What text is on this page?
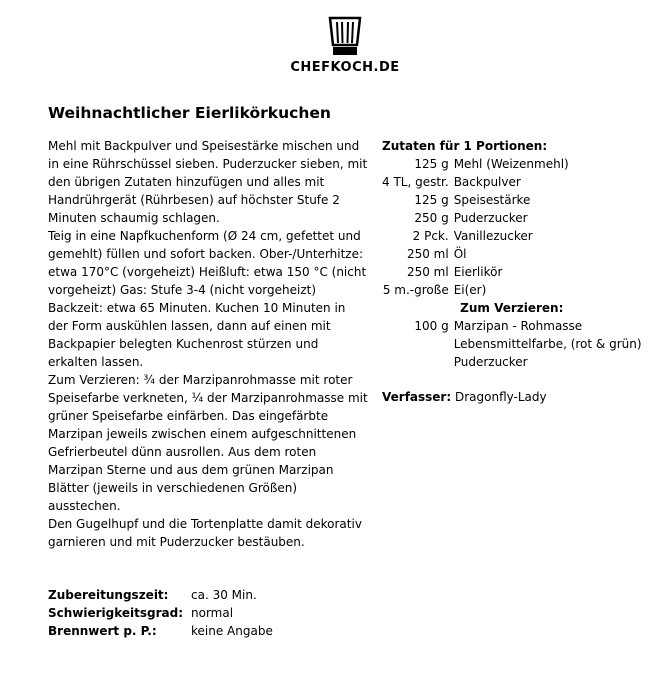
CHEFKOCH.DE
Weihnachtlicher Eierlikörkuchen

Mehl mit Backpulver und Speisestärke mischen und in eine Rührschüssel sieben. Puderzucker sieben, mit den übrigen Zutaten hinzufügen und alles mit Handrührgerät (Rührbesen) auf höchster Stufe 2 Minuten schaumig schlagen.

Teig in eine Napfkuchenform (Ø 24 cm, gefettet und gemehlt) füllen und sofort backen. Ober-/Unterhitze: etwa 170°C (vorgeheizt) Heißluft: etwa 150 °C (nicht vorgeheizt) Gas: Stufe 3-4 (nicht vorgeheizt) Backzeit: etwa 65 Minuten. Kuchen 10 Minuten in der Form auskühlen lassen, dann auf einen mit Backpapier belegten Kuchenrost stürzen und erkalten lassen.

Zum Verzieren: ¾ der Marzipanrohmasse mit roter Speisefarbe verkneten, ¼ der Marzipanrohmasse mit grüner Speisefarbe einfärben. Das eingefärbte Marzipan jeweils zwischen einem aufgeschnittenen Gefrierbeutel dünn ausrollen. Aus dem roten Marzipan Sterne und aus dem grünen Marzipan Blätter (jeweils in verschiedenen Größen) ausstechen.

Den Gugelhupf und die Tortenplatte damit dekorativ garnieren und mit Puderzucker bestäuben.

Zutaten für 1 Portionen:
125 g	Mehl (Weizenmehl)
4 TL, gestr.	Backpulver
125 g	Speisestärke
250 g	Puderzucker
2 Pck.	Vanillezucker
250 ml	Öl
250 ml	Eierlikör
5 m.-große	Ei(er)
Zum Verzieren:	
100 g	Marzipan - Rohmasse
	Lebensmittelfarbe, (rot & grün)
	Puderzucker
Verfasser: Dragonfly-Lady
Zubereitungszeit:	ca. 30 Min.
Schwierigkeitsgrad:	normal
Brennwert p. P.:	keine Angabe
